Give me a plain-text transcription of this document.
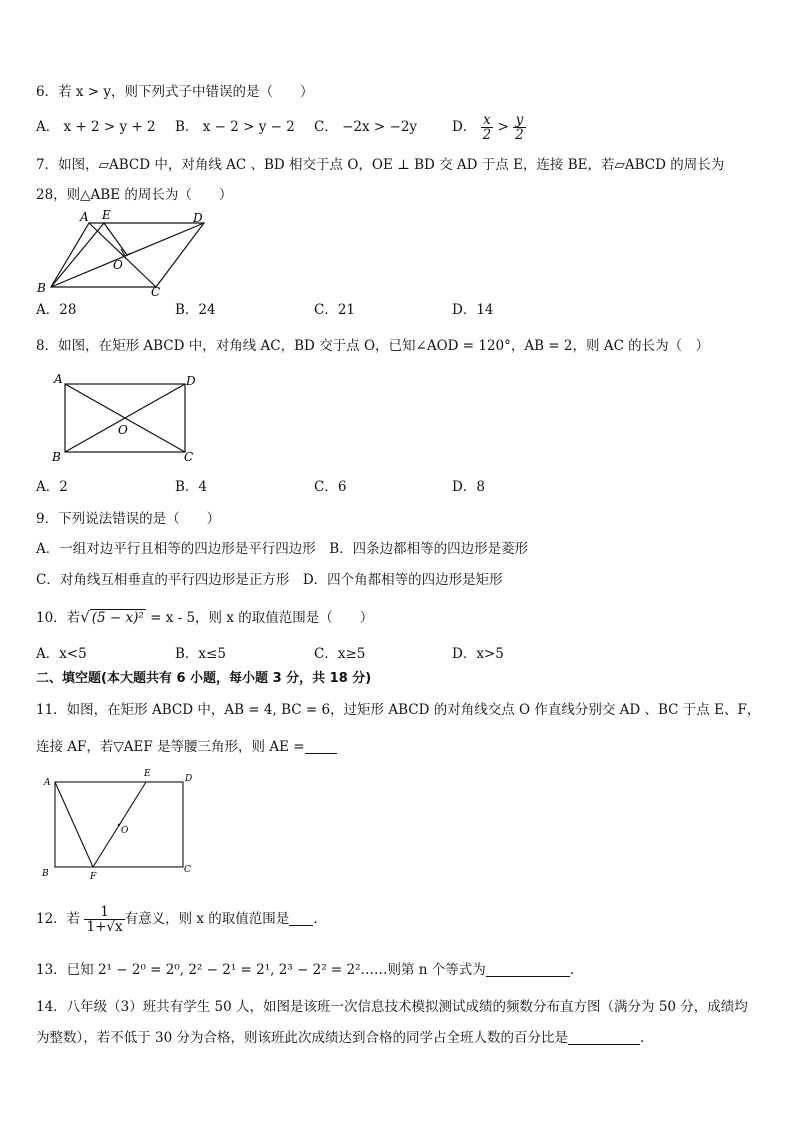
6．若 x > y，则下列式子中错误的是（　　）
A． x + 2 > y + 2 B． x − 2 > y − 2 C． −2x > −2y	D． $\frac{x}{2} > \frac{y}{2}$
7．如图，▱ABCD 中，对角线 AC 、BD 相交于点 O，OE ⊥ BD 交 AD 于点 E，连接 BE，若▱ABCD 的周长为
28，则△ABE 的周长为（　　）
A E	D
O
B	C
A．28	B．24	C．21	D．14
8．如图，在矩形 ABCD 中，对角线 AC，BD 交于点 O，已知∠AOD = 120°，AB = 2，则 AC 的长为（　）
A	D
O
B	C
A．2	B．4	C．6	D．8
9．下列说法错误的是（　　）
A．一组对边平行且相等的四边形是平行四边形　B．四条边都相等的四边形是菱形
C．对角线互相垂直的平行四边形是正方形　D．四个角都相等的四边形是矩形
10．若√ (5 − x)² = x - 5，则 x 的取值范围是（　　）
A．x<5	B．x≤5	C．x≥5	D．x>5
二、填空题(本大题共有 6 小题，每小题 3 分，共 18 分)
11．如图，在矩形 ABCD 中，AB = 4, BC = 6，过矩形 ABCD 的对角线交点 O 作直线分别交 AD 、BC 于点 E、F，
连接 AF，若▽AEF 是等腰三角形，则 AE =
A
E	D
O
B	F
C
12．若 $\frac{1}{1+√x}$ 有意义，则 x 的取值范围是 .
13．已知 2¹ − 2⁰ = 2⁰, 2² − 2¹ = 2¹, 2³ − 2² = 2²……则第 n 个等式为	.
14．八年级（3）班共有学生 50 人，如图是该班一次信息技术模拟测试成绩的频数分布直方图（满分为 50 分，成绩均
为整数），若不低于 30 分为合格，则该班此次成绩达到合格的同学占全班人数的百分比是	.
